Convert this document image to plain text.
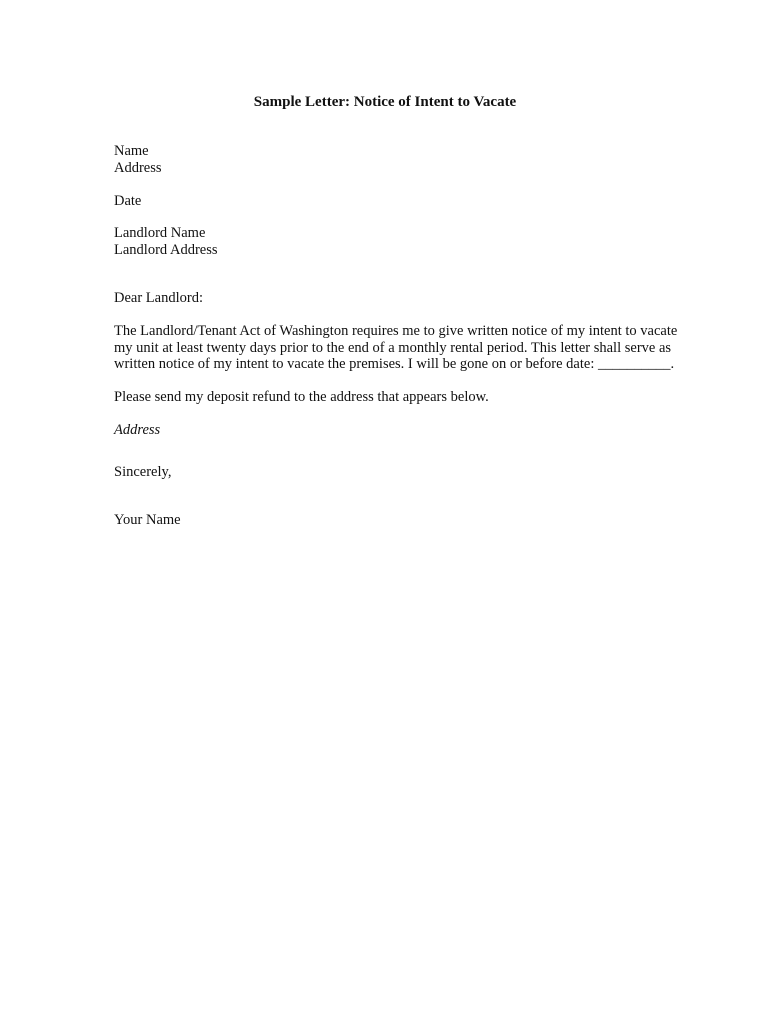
Sample Letter: Notice of Intent to Vacate
Name
Address
Date
Landlord Name
Landlord Address
Dear Landlord:
The Landlord/Tenant Act of Washington requires me to give written notice of my intent to vacate
my unit at least twenty days prior to the end of a monthly rental period. This letter shall serve as
written notice of my intent to vacate the premises. I will be gone on or before date: __________.
Please send my deposit refund to the address that appears below.
Address
Sincerely,
Your Name
